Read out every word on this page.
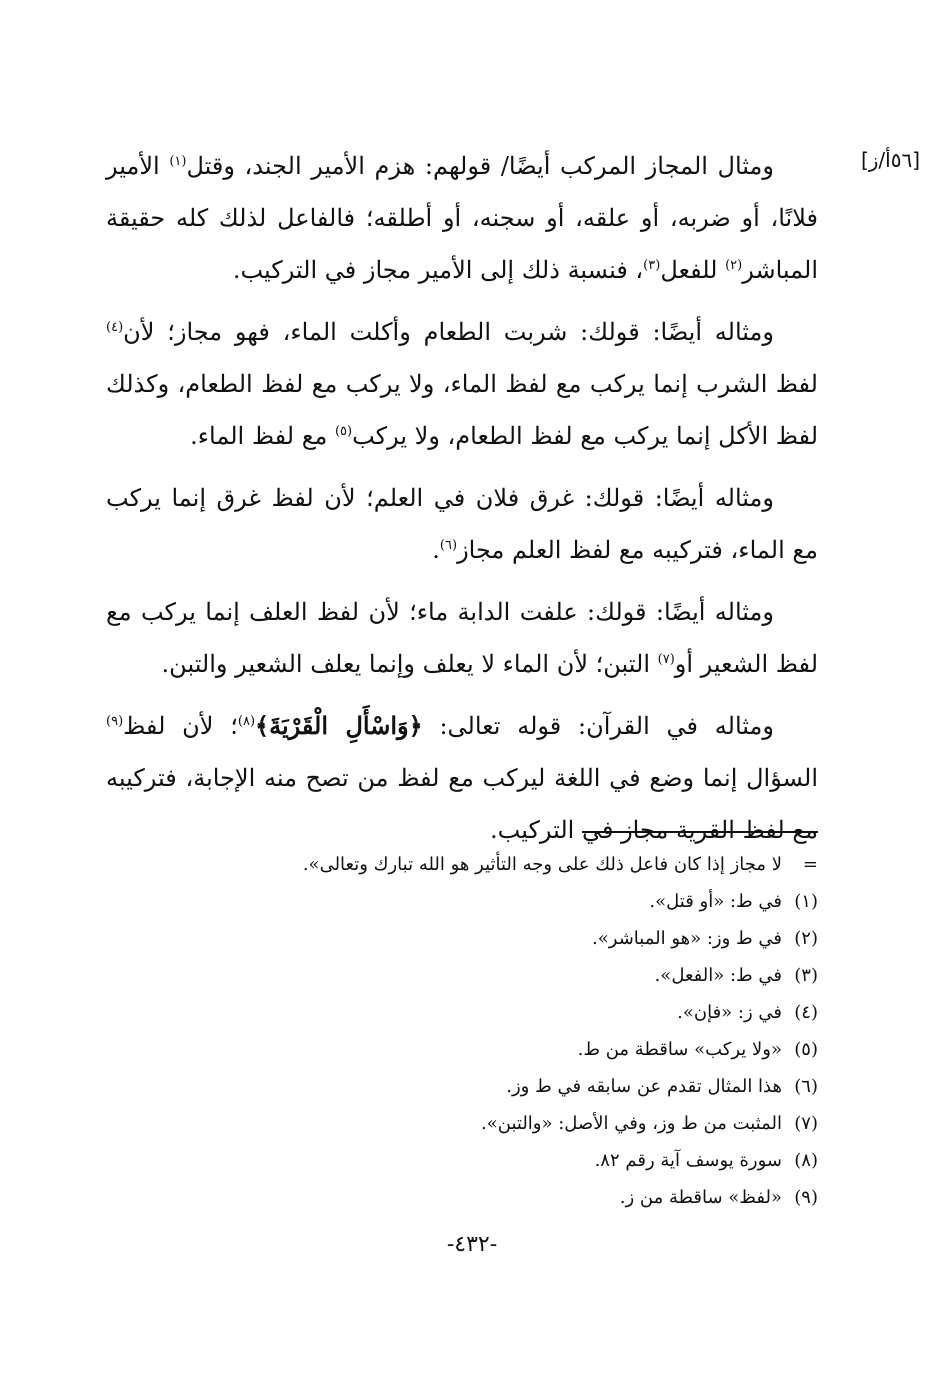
[٥٦أ/ز]

ومثال المجاز المركب أيضًا/ قولهم: هزم الأمير الجند، وقتل$^{(١)}$ الأمير فلانًا، أو ضربه، أو علقه، أو سجنه، أو أطلقه؛ فالفاعل لذلك كله حقيقة المباشر$^{(٢)}$ للفعل$^{(٣)}$، فنسبة ذلك إلى الأمير مجاز في التركيب.

ومثاله أيضًا: قولك: شربت الطعام وأكلت الماء، فهو مجاز؛ لأن$^{(٤)}$ لفظ الشرب إنما يركب مع لفظ الماء، ولا يركب مع لفظ الطعام، وكذلك لفظ الأكل إنما يركب مع لفظ الطعام، ولا يركب$^{(٥)}$ مع لفظ الماء.

ومثاله أيضًا: قولك: غرق فلان في العلم؛ لأن لفظ غرق إنما يركب مع الماء، فتركيبه مع لفظ العلم مجاز$^{(٦)}$.

ومثاله أيضًا: قولك: علفت الدابة ماء؛ لأن لفظ العلف إنما يركب مع لفظ الشعير أو$^{(٧)}$ التبن؛ لأن الماء لا يعلف وإنما يعلف الشعير والتبن.

ومثاله في القرآن: قوله تعالى: ﴿وَاسْأَلِ الْقَرْيَةَ﴾$^{(٨)}$؛ لأن لفظ$^{(٩)}$ السؤال إنما وضع في اللغة ليركب مع لفظ من تصح منه الإجابة، فتركيبه مع لفظ القرية مجاز في التركيب.

=لا مجاز إذا كان فاعل ذلك على وجه التأثير هو الله تبارك وتعالى».

(١)في ط: «أو قتل».

(٢)في ط وز: «هو المباشر».

(٣)في ط: «الفعل».

(٤)في ز: «فإن».

(٥)«ولا يركب» ساقطة من ط.

(٦)هذا المثال تقدم عن سابقه في ط وز.

(٧)المثبت من ط وز، وفي الأصل: «والتبن».

(٨)سورة يوسف آية رقم ٨٢.

(٩)«لفظ» ساقطة من ز.

-٤٣٢-
